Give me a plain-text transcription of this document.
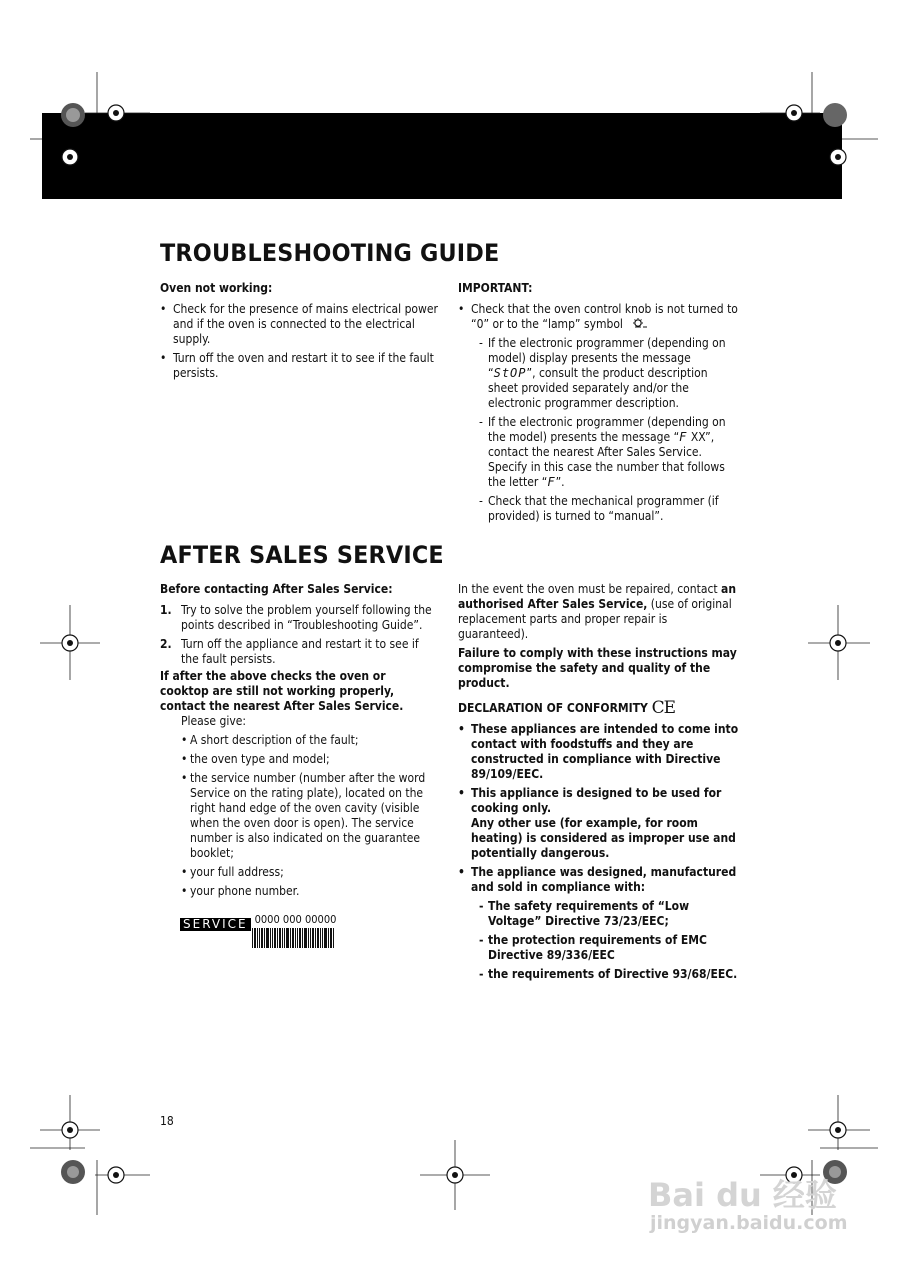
TROUBLESHOOTING GUIDE

Oven not working:

• Check for the presence of mains electrical power and if the oven is connected to the electrical supply.
• Turn off the oven and restart it to see if the fault persists.

IMPORTANT:

• Check that the oven control knob is not turned to “0” or to the “lamp” symbol
- If the electronic programmer (depending on model) display presents the message “StOP”, consult the product description sheet provided separately and/or the electronic programmer description.
- If the electronic programmer (depending on the model) presents the message “F XX”, contact the nearest After Sales Service. Specify in this case the number that follows the letter “F”.
- Check that the mechanical programmer (if provided) is turned to “manual”.
AFTER SALES SERVICE

Before contacting After Sales Service:

1. Try to solve the problem yourself following the points described in “Troubleshooting Guide”.
2. Turn off the appliance and restart it to see if the fault persists.

If after the above checks the oven or cooktop are still not working properly, contact the nearest After Sales Service.

Please give:

• A short description of the fault;
• the oven type and model;
• the service number (number after the word Service on the rating plate), located on the right hand edge of the oven cavity (visible when the oven door is open). The service number is also indicated on the guarantee booklet;
• your full address;
• your phone number.
SERVICE 0000 000 00000

In the event the oven must be repaired, contact an authorised After Sales Service, (use of original replacement parts and proper repair is guaranteed).

Failure to comply with these instructions may compromise the safety and quality of the product.

DECLARATION OF CONFORMITY CE

• These appliances are intended to come into contact with foodstuffs and they are constructed in compliance with Directive 89/109/EEC.
• This appliance is designed to be used for cooking only.
Any other use (for example, for room heating) is considered as improper use and potentially dangerous.
• The appliance was designed, manufactured and sold in compliance with:
- The safety requirements of “Low Voltage” Directive 73/23/EEC;
- the protection requirements of EMC Directive 89/336/EEC
- the requirements of Directive 93/68/EEC.
18
Bai du 经验
jingyan.baidu.com
